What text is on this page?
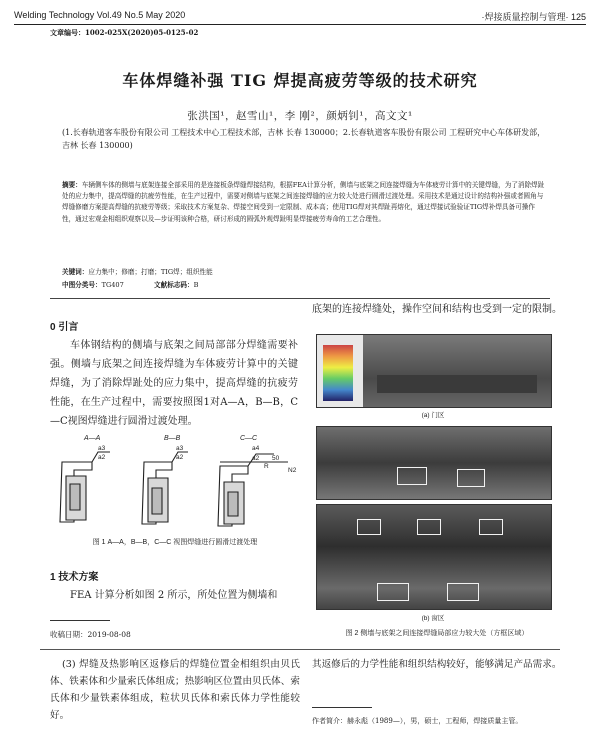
Welding Technology Vol.49 No.5 May 2020	·焊接质量控制与管理· 125
文章编号：1002-025X(2020)05-0125-02
车体焊缝补强 TIG 焊提高疲劳等级的技术研究
张洪国¹，赵雪山¹，李 刚²，颜炳钊¹，高文文¹
(1.长春轨道客车股份有限公司 工程技术中心工程技术部，吉林 长春 130000；2.长春轨道客车股份有限公司 工程研究中心车体研发部，吉林 长春 130000)
摘要：车辆侧车体的侧墙与底架连接全部采用的是连接板条焊缝焊接结构，根据FEA计算分析，侧墙与底架之间连接焊缝为车体疲劳计算中的关键焊缝，为了消除焊趾处的应力集中，提高焊缝的抗疲劳性能，在生产过程中，需要对侧墙与底架之间连接焊缝的应力较大处进行圆滑过渡处理。采用技术是通过设计的结构补强或者圆角与焊缝修磨方案提高焊缝的抗疲劳等级；采取技术方案复杂、焊接空间受到一定限制、成本高；使用TIG焊对其焊趾再熔化，通过焊接试验验证TIG焊补焊具备可操作性，通过宏观金相组织观察以及—步证明该种合格，研讨形成的圆弧外观焊趾明显焊接疲劳寿命的工艺合理性。
关键词：应力集中；修磨；打磨；TIG焊；组织性能
中图分类号：TG407	文献标志码：B
0 引言
车体钢结构的侧墙与底架之间局部部分焊缝需要补强。侧墙与底架之间连接焊缝为车体疲劳计算中的关键焊缝，为了消除焊趾处的应力集中，提高焊缝的抗疲劳性能，在生产过程中，需要按照图1对A—A，B—B，C—C视图焊缝进行圆滑过渡处理。
A—A	B—B	C—C
a3
a2
a3
a2
a4
a2
R
50
N2
图 1 A—A，B—B，C—C 视图焊缝进行圆滑过渡处理
1 技术方案
FEA 计算分析如图 2 所示，所处位置为侧墙和
收稿日期：2019-08-08
底架的连接焊缝处，操作空间和结构也受到一定的限制。
(a) 门区
(b) 窗区
图 2 侧墙与底架之间连接焊缝局部应力较大处（方框区域）
(3) 焊缝及热影响区返修后的焊缝位置金相组织由贝氏体、铁素体和少量索氏体组成；热影响区位置由贝氏体、索氏体和少量铁素体组成，粒状贝氏体和索氏体力学性能较好。
其返修后的力学性能和组织结构较好，能够满足产品需求。
作者简介：赫永彪（1989—），男，硕士，工程师，焊接质量主管。
